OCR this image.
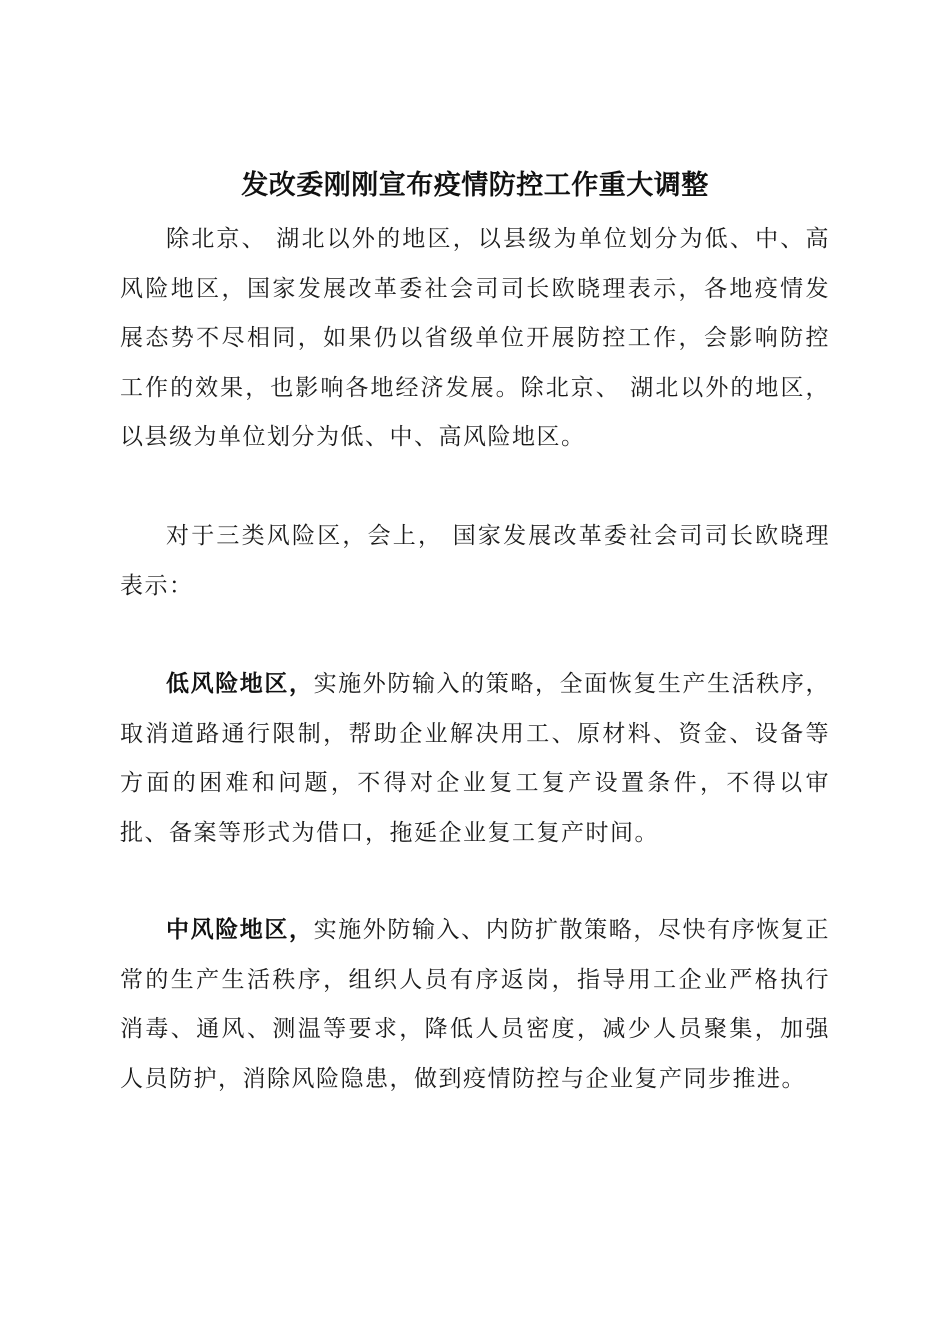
发改委刚刚宣布疫情防控工作重大调整

除北京、 湖北以外的地区，以县级为单位划分为低、中、高风险地区，国家发展改革委社会司司长欧晓理表示，各地疫情发展态势不尽相同，如果仍以省级单位开展防控工作，会影响防控工作的效果，也影响各地经济发展。除北京、 湖北以外的地区，以县级为单位划分为低、中、高风险地区。

对于三类风险区，会上， 国家发展改革委社会司司长欧晓理表示：

低风险地区，实施外防输入的策略，全面恢复生产生活秩序，取消道路通行限制，帮助企业解决用工、原材料、资金、设备等方面的困难和问题，不得对企业复工复产设置条件，不得以审批、备案等形式为借口，拖延企业复工复产时间。

中风险地区，实施外防输入、内防扩散策略，尽快有序恢复正常的生产生活秩序，组织人员有序返岗，指导用工企业严格执行消毒、通风、测温等要求，降低人员密度，减少人员聚集，加强人员防护，消除风险隐患，做到疫情防控与企业复产同步推进。
